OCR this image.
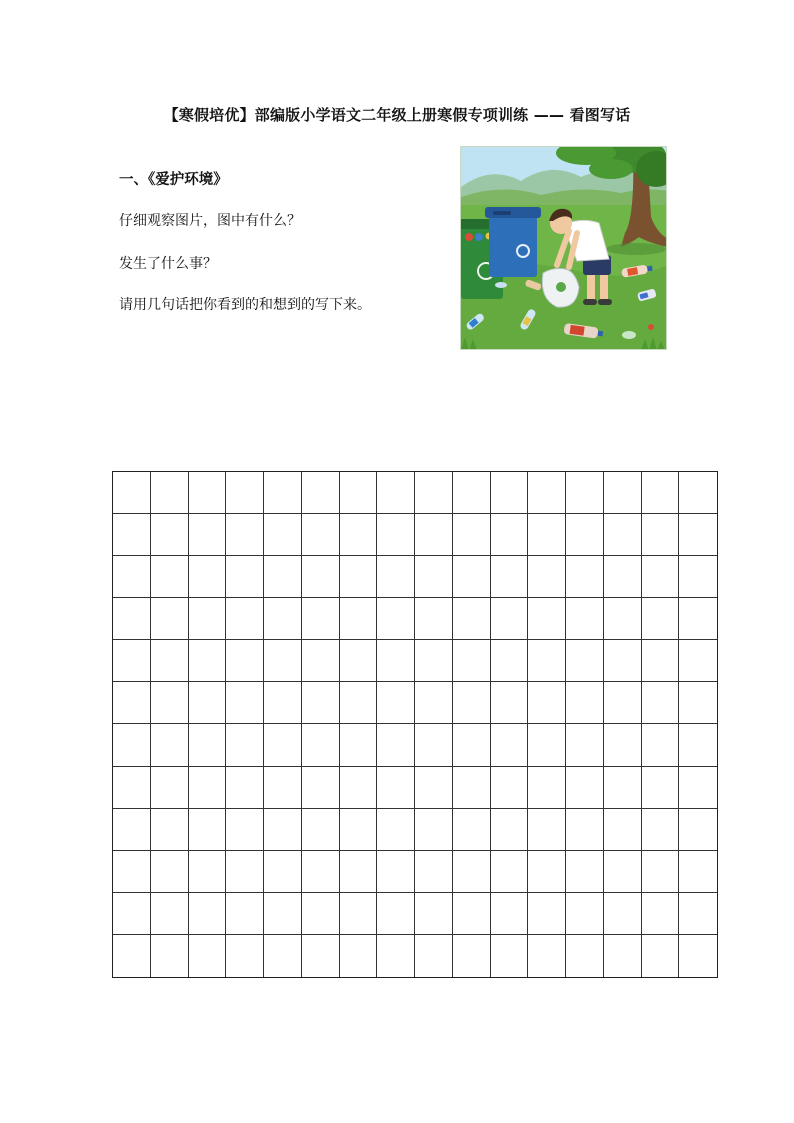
【寒假培优】部编版小学语文二年级上册寒假专项训练 —— 看图写话
一、《爱护环境》
仔细观察图片，图中有什么？
发生了什么事？
请用几句话把你看到的和想到的写下来。
